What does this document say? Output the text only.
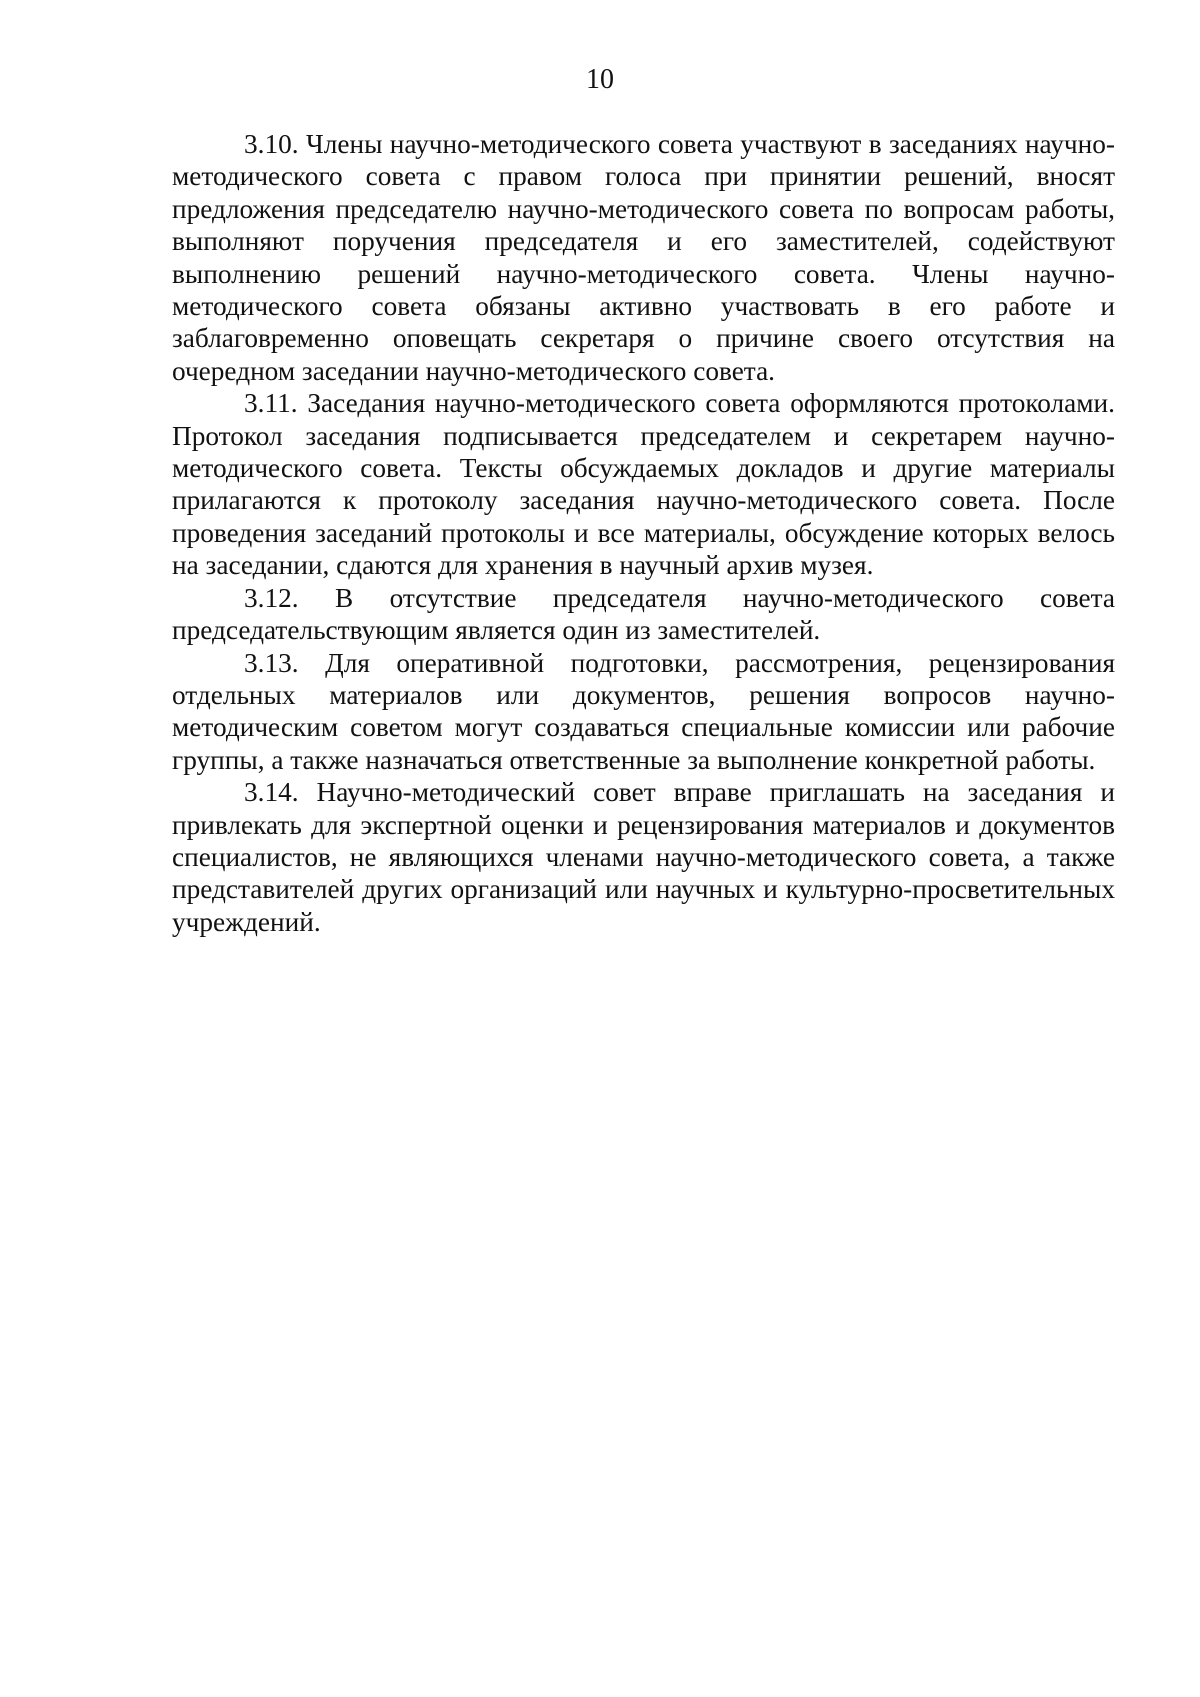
10

3.10. Члены научно-методического совета участвуют в заседаниях научно-методического совета с правом голоса при принятии решений, вносят предложения председателю научно-методического совета по вопросам работы, выполняют поручения председателя и его заместителей, содействуют выполнению решений научно-методического совета. Члены научно-методического совета обязаны активно участвовать в его работе и заблаговременно оповещать секретаря о причине своего отсутствия на очередном заседании научно-методического совета.

3.11. Заседания научно-методического совета оформляются протоколами. Протокол заседания подписывается председателем и секретарем научно-методического совета. Тексты обсуждаемых докладов и другие материалы прилагаются к протоколу заседания научно-методического совета. После проведения заседаний протоколы и все материалы, обсуждение которых велось на заседании, сдаются для хранения в научный архив музея.

3.12. В отсутствие председателя научно-методического совета председательствующим является один из заместителей.

3.13. Для оперативной подготовки, рассмотрения, рецензирования отдельных материалов или документов, решения вопросов научно-методическим советом могут создаваться специальные комиссии или рабочие группы, а также назначаться ответственные за выполнение конкретной работы.

3.14. Научно-методический совет вправе приглашать на заседания и привлекать для экспертной оценки и рецензирования материалов и документов специалистов, не являющихся членами научно-методического совета, а также представителей других организаций или научных и культурно-просветительных учреждений.
